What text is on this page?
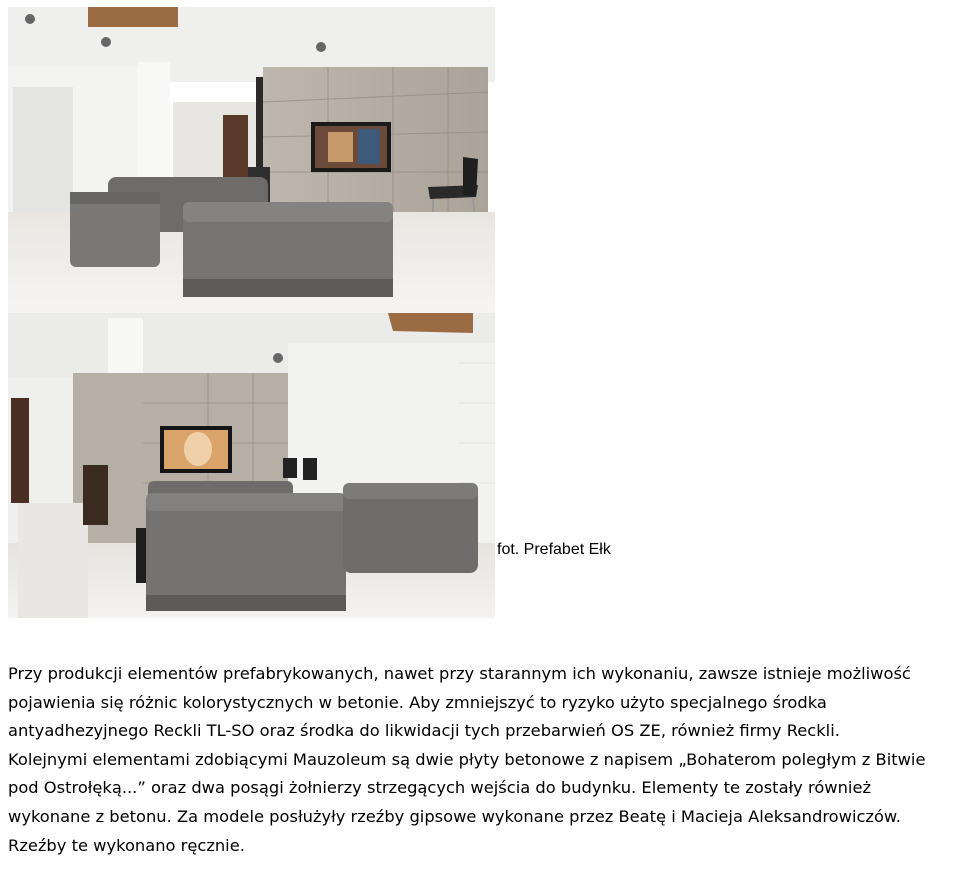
fot. Prefabet Ełk

Przy produkcji elementów prefabrykowanych, nawet przy starannym ich wykonaniu, zawsze istnieje możliwość pojawienia się różnic kolorystycznych w betonie. Aby zmniejszyć to ryzyko użyto specjalnego środka antyadhezyjnego Reckli TL-SO oraz środka do likwidacji tych przebarwień OS ZE, również firmy Reckli.

Kolejnymi elementami zdobiącymi Mauzoleum są dwie płyty betonowe z napisem „Bohaterom poległym z Bitwie pod Ostrołęką...” oraz dwa posągi żołnierzy strzegących wejścia do budynku. Elementy te zostały również wykonane z betonu. Za modele posłużyły rzeźby gipsowe wykonane przez Beatę i Macieja Aleksandrowiczów. Rzeźby te wykonano ręcznie.
